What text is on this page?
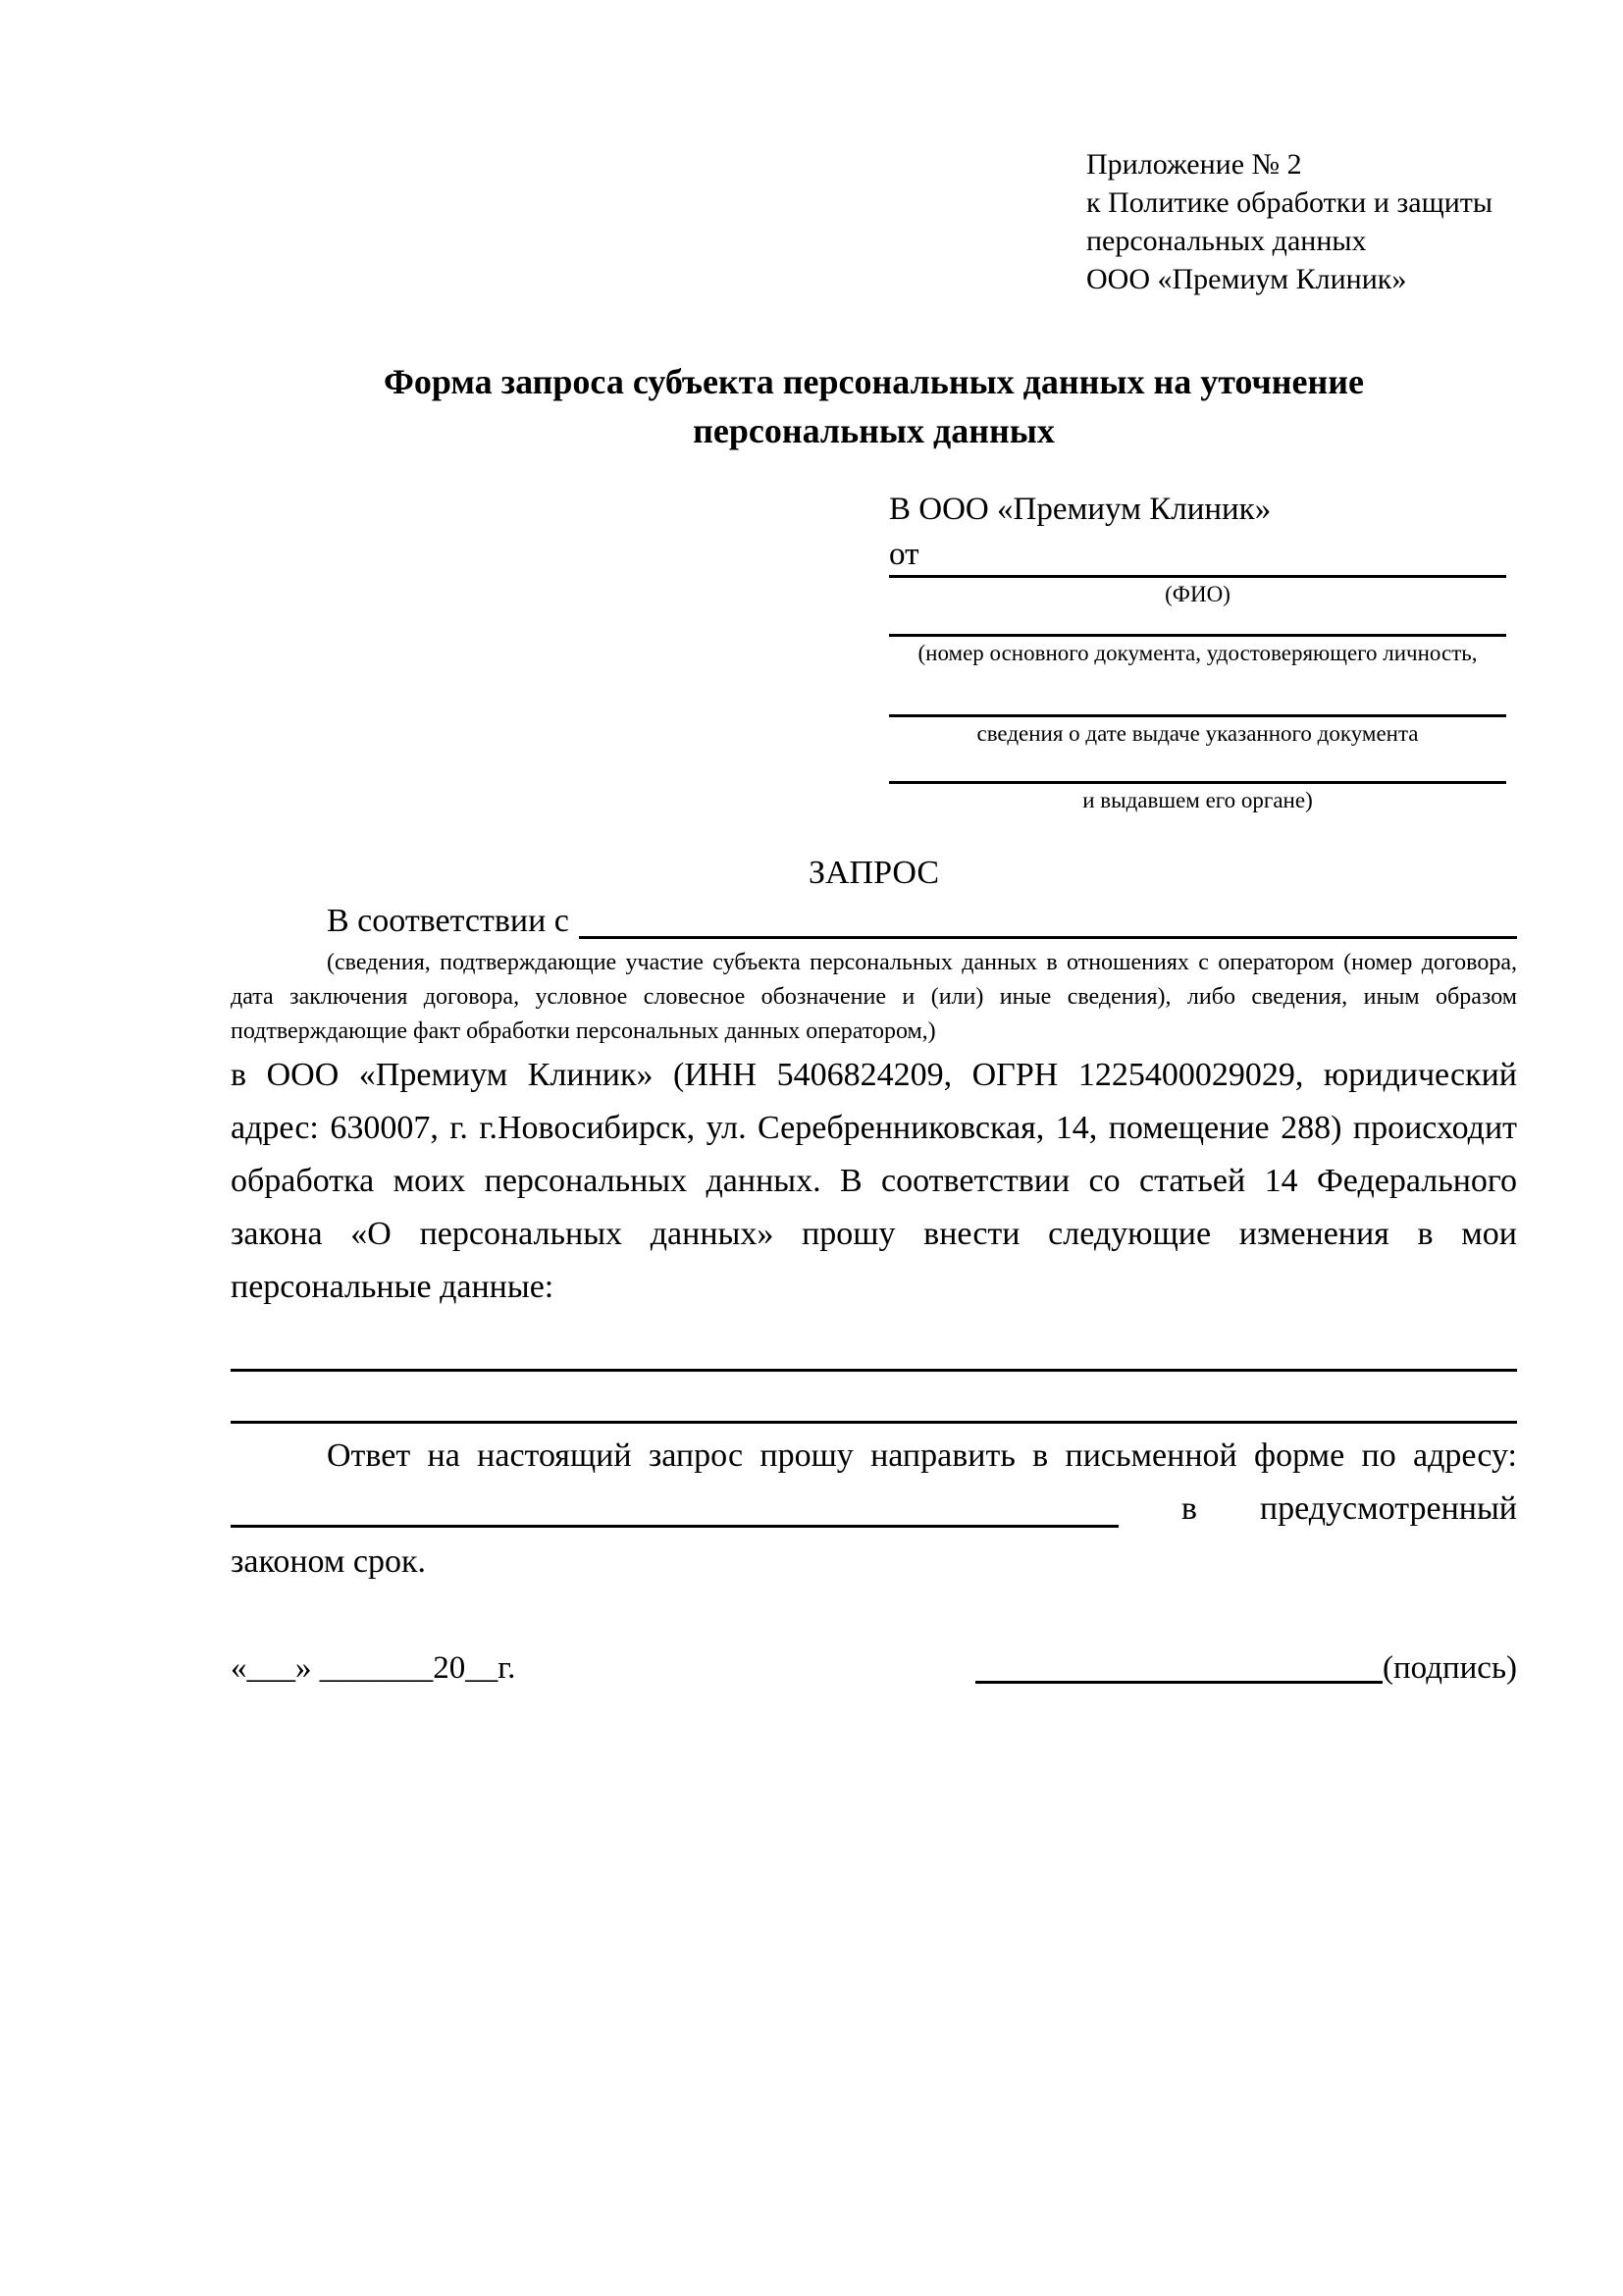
Приложение № 2
к Политике обработки и защиты
персональных данных
ООО «Премиум Клиник»
Форма запроса субъекта персональных данных на уточнение
персональных данных
В ООО «Премиум Клиник»
от
(ФИО)
(номер основного документа, удостоверяющего личность,
сведения о дате выдаче указанного документа
и выдавшем его органе)
ЗАПРОС
В соответствии с
(сведения, подтверждающие участие субъекта персональных данных в отношениях с оператором (номер договора, дата заключения договора, условное словесное обозначение и (или) иные сведения), либо сведения, иным образом подтверждающие факт обработки персональных данных оператором,)
в ООО «Премиум Клиник» (ИНН 5406824209, ОГРН 1225400029029, юридический адрес: 630007, г. г.Новосибирск, ул. Серебренниковская, 14, помещение 288) происходит обработка моих персональных данных. В соответствии со статьей 14 Федерального закона «О персональных данных» прошу внести следующие изменения в мои персональные данные:
Ответ на настоящий запрос прошу направить в письменной форме по адресу:
в предусмотренный
законом срок.
«___» _______20__г.	(подпись)
